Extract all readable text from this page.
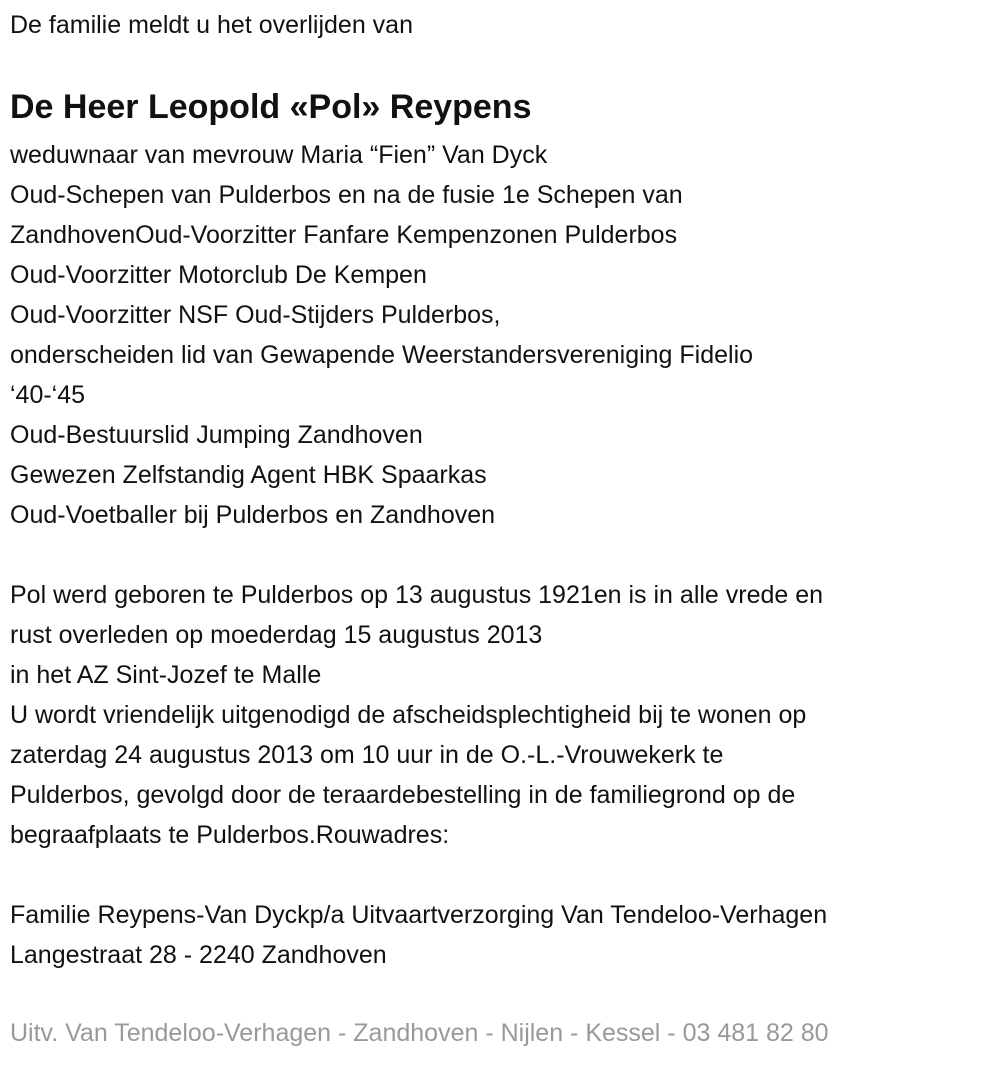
De familie meldt u het overlijden van
De Heer Leopold «Pol» Reypens
weduwnaar van mevrouw Maria “Fien” Van Dyck
Oud-Schepen van Pulderbos en na de fusie 1e Schepen van
ZandhovenOud-Voorzitter Fanfare Kempenzonen Pulderbos
Oud-Voorzitter Motorclub De Kempen
Oud-Voorzitter NSF Oud-Stijders Pulderbos,
onderscheiden lid van Gewapende Weerstandersvereniging Fidelio
‘40-‘45
Oud-Bestuurslid Jumping Zandhoven
Gewezen Zelfstandig Agent HBK Spaarkas
Oud-Voetballer bij Pulderbos en Zandhoven
Pol werd geboren te Pulderbos op 13 augustus 1921en is in alle vrede en
rust overleden op moederdag 15 augustus 2013
in het AZ Sint-Jozef te Malle
U wordt vriendelijk uitgenodigd de afscheidsplechtigheid bij te wonen op
zaterdag 24 augustus 2013 om 10 uur in de O.-L.-Vrouwekerk te
Pulderbos, gevolgd door de teraardebestelling in de familiegrond op de
begraafplaats te Pulderbos.Rouwadres:
Familie Reypens-Van Dyckp/a Uitvaartverzorging Van Tendeloo-Verhagen
Langestraat 28 - 2240 Zandhoven
Uitv. Van Tendeloo-Verhagen - Zandhoven - Nijlen - Kessel - 03 481 82 80
